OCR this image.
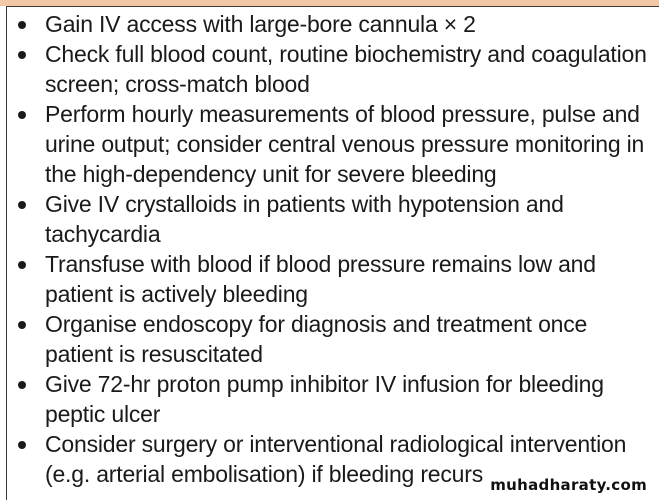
Gain IV access with large-bore cannula × 2
Check full blood count, routine biochemistry and coagulation screen; cross-match blood
Perform hourly measurements of blood pressure, pulse and urine output; consider central venous pressure monitoring in the high-dependency unit for severe bleeding
Give IV crystalloids in patients with hypotension and tachycardia
Transfuse with blood if blood pressure remains low and patient is actively bleeding
Organise endoscopy for diagnosis and treatment once patient is resuscitated
Give 72-hr proton pump inhibitor IV infusion for bleeding peptic ulcer
Consider surgery or interventional radiological intervention (e.g. arterial embolisation) if bleeding recurs muhadharaty.com
